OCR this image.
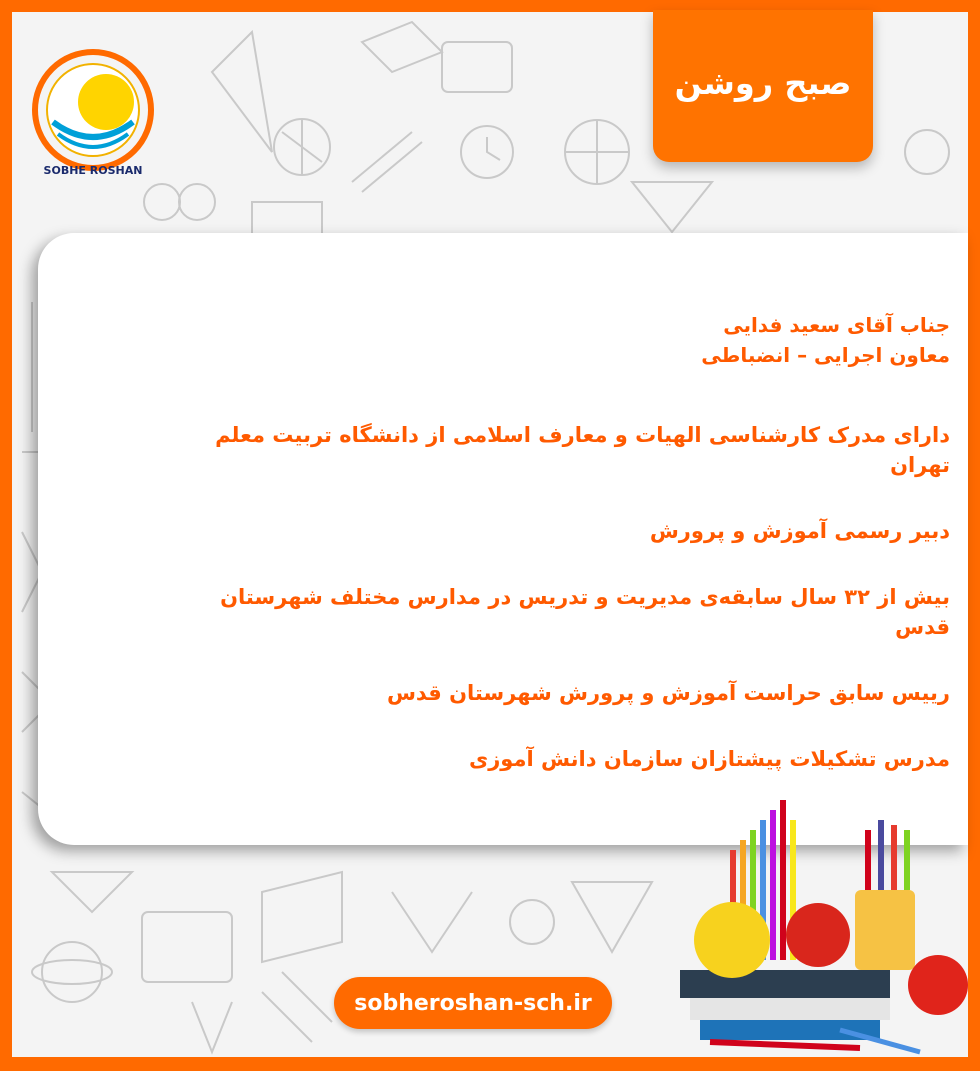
SOBHE ROSHAN
صبح روشن
جناب آقای سعید فدایی
معاون اجرایی – انضباطی
دارای مدرک کارشناسی الهیات و معارف اسلامی از دانشگاه تربیت معلم تهران
دبیر رسمی آموزش و پرورش
بیش از ۳۲ سال سابقه‌ی مدیریت و تدریس در مدارس مختلف شهرستان قدس
رییس سابق حراست آموزش و پرورش شهرستان قدس
مدرس تشکیلات پیشتازان سازمان دانش آموزی
sobheroshan-sch.ir
